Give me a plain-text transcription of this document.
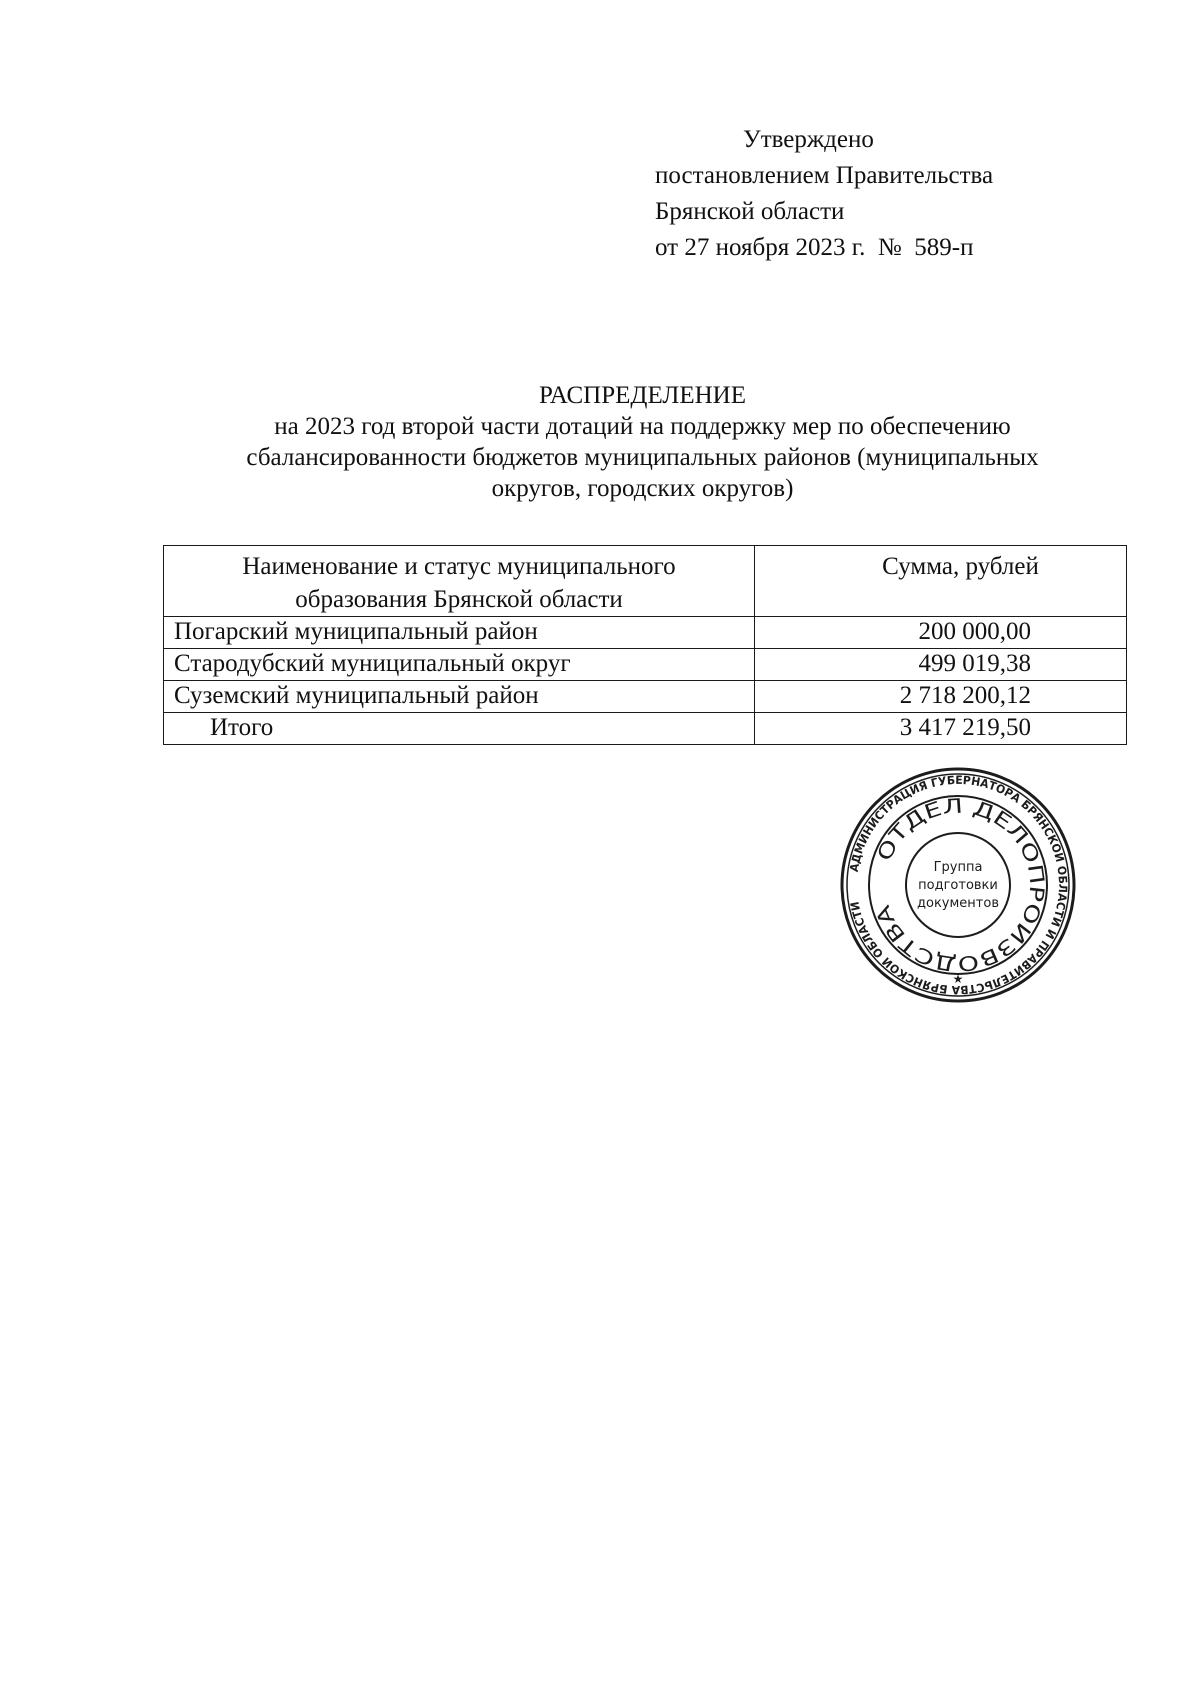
Утверждено
постановлением Правительства
Брянской области
от 27 ноября 2023 г.  №  589-п
РАСПРЕДЕЛЕНИЕ
на 2023 год второй части дотаций на поддержку мер по обеспечению
сбалансированности бюджетов муниципальных районов (муниципальных
округов, городских округов)
Наименование и статус муниципального
образования Брянской области	Сумма, рублей
Погарский муниципальный район	200 000,00
Стародубский муниципальный округ	499 019,38
Суземский муниципальный район	2 718 200,12
Итого	3 417 219,50
АДМИНИСТРАЦИЯ ГУБЕРНАТОРА БРЯНСКОЙ ОБЛАСТИ И ПРАВИТЕЛЬСТВА БРЯНСКОЙ ОБЛАСТИ
ОТДЕЛ ДЕЛОПРОИЗВОДСТВА
★
Группа
подготовки
документов
